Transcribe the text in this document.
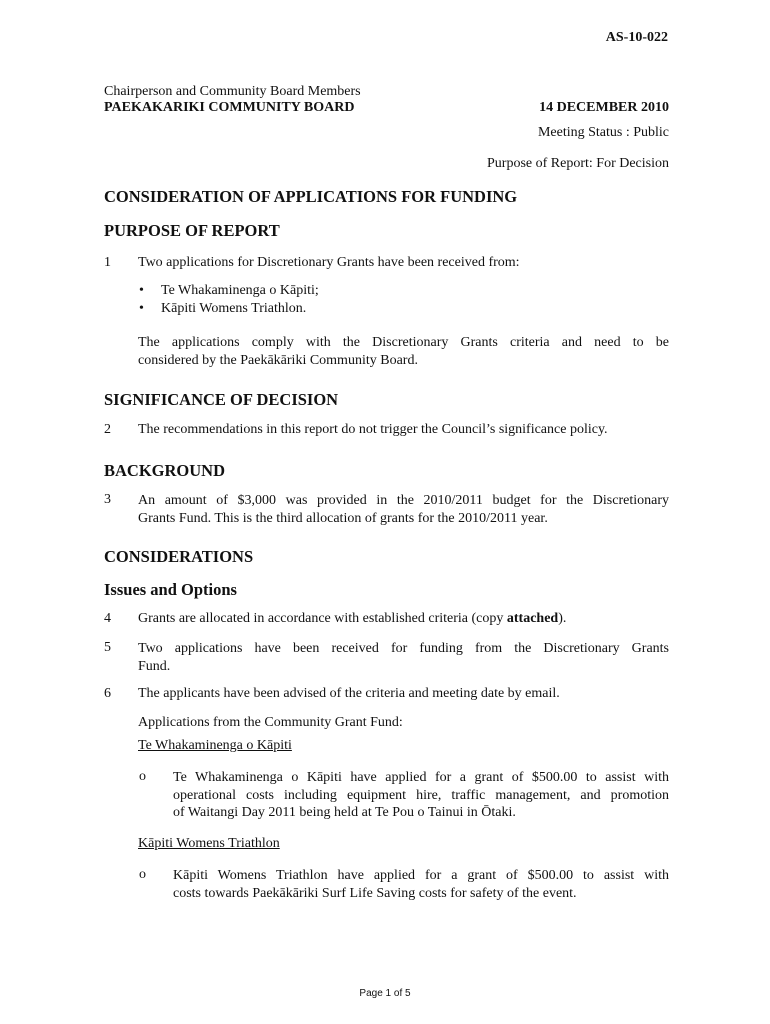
AS-10-022
Chairperson and Community Board Members
PAEKAKARIKI COMMUNITY BOARD	14 DECEMBER 2010
Meeting Status : Public
Purpose of Report: For Decision
CONSIDERATION OF APPLICATIONS FOR FUNDING
PURPOSE OF REPORT
1 Two applications for Discretionary Grants have been received from:
• Te Whakaminenga o Kāpiti;
• Kāpiti Womens Triathlon.
The applications comply with the Discretionary Grants criteria and need to be
considered by the Paekākāriki Community Board.
SIGNIFICANCE OF DECISION
2 The recommendations in this report do not trigger the Council’s significance policy.
BACKGROUND
3 An amount of $3,000 was provided in the 2010/2011 budget for the Discretionary
Grants Fund. This is the third allocation of grants for the 2010/2011 year.
CONSIDERATIONS
Issues and Options
4 Grants are allocated in accordance with established criteria (copy attached).
5 Two applications have been received for funding from the Discretionary Grants
Fund.
6 The applicants have been advised of the criteria and meeting date by email.
Applications from the Community Grant Fund:
Te Whakaminenga o Kāpiti
o Te Whakaminenga o Kāpiti have applied for a grant of $500.00 to assist with
operational costs including equipment hire, traffic management, and promotion
of Waitangi Day 2011 being held at Te Pou o Tainui in Ōtaki.
Kāpiti Womens Triathlon
o Kāpiti Womens Triathlon have applied for a grant of $500.00 to assist with
costs towards Paekākāriki Surf Life Saving costs for safety of the event.
Page 1 of 5
